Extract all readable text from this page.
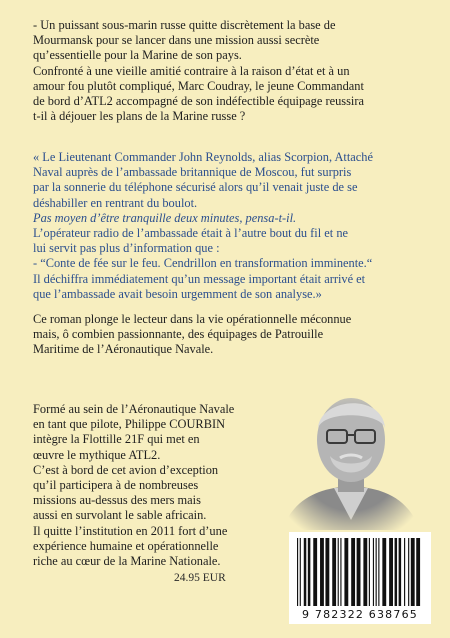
- Un puissant sous-marin russe quitte discrètement la base de
Mourmansk pour se lancer dans une mission aussi secrète
qu’essentielle pour la Marine de son pays.
Confronté à une vieille amitié contraire à la raison d’état et à un
amour fou plutôt compliqué, Marc Coudray, le jeune Commandant
de bord d’ATL2 accompagné de son indéfectible équipage reussira
t-il à déjouer les plans de la Marine russe ?
« Le Lieutenant Commander John Reynolds, alias Scorpion, Attaché
Naval auprès de l’ambassade britannique de Moscou, fut surpris
par la sonnerie du téléphone sécurisé alors qu’il venait juste de se
déshabiller en rentrant du boulot.
Pas moyen d’être tranquille deux minutes, pensa-t-il.
L’opérateur radio de l’ambassade était à l’autre bout du fil et ne
lui servit pas plus d’information que :
- “Conte de fée sur le feu. Cendrillon en transformation imminente.“
Il déchiffra immédiatement qu’un message important était arrivé et
que l’ambassade avait besoin urgemment de son analyse.»
Ce roman plonge le lecteur dans la vie opérationnelle méconnue
mais, ô combien passionnante, des équipages de Patrouille
Maritime de l’Aéronautique Navale.
Formé au sein de l’Aéronautique Navale
en tant que pilote, Philippe COURBIN
intègre la Flottille 21F qui met en
œuvre le mythique ATL2.
C’est à bord de cet avion d’exception
qu’il participera à de nombreuses
missions au-dessus des mers mais
aussi en survolant le sable africain.
Il quitte l’institution en 2011 fort d’une
expérience humaine et opérationnelle
riche au cœur de la Marine Nationale.
24.95 EUR
9 782322 638765
